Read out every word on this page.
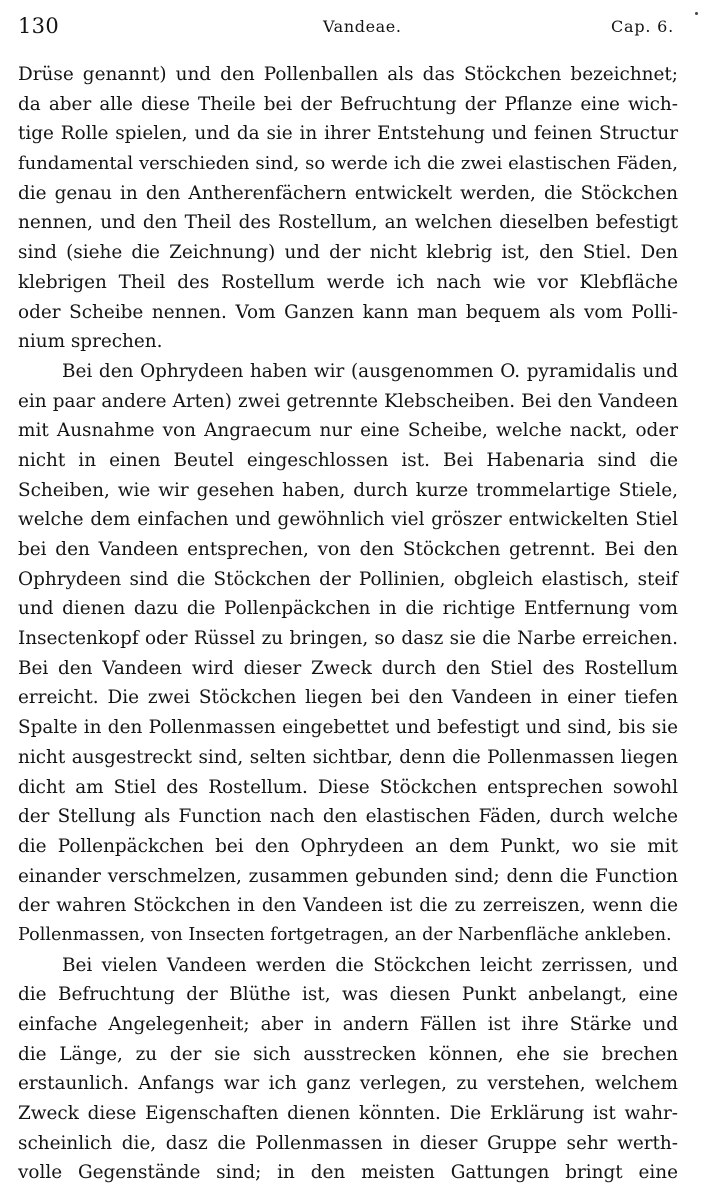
130	Vandeae.	Cap. 6.
Drüse genannt) und den Pollenballen als das Stöckchen bezeichnet;
da aber alle diese Theile bei der Befruchtung der Pflanze eine wich-
tige Rolle spielen, und da sie in ihrer Entstehung und feinen Structur
fundamental verschieden sind, so werde ich die zwei elastischen Fäden,
die genau in den Antherenfächern entwickelt werden, die Stöckchen
nennen, und den Theil des Rostellum, an welchen dieselben befestigt
sind (siehe die Zeichnung) und der nicht klebrig ist, den Stiel. Den
klebrigen Theil des Rostellum werde ich nach wie vor Klebfläche
oder Scheibe nennen. Vom Ganzen kann man bequem als vom Polli-
nium sprechen.
Bei den Ophrydeen haben wir (ausgenommen O. pyramidalis und
ein paar andere Arten) zwei getrennte Klebscheiben. Bei den Vandeen
mit Ausnahme von Angraecum nur eine Scheibe, welche nackt, oder
nicht in einen Beutel eingeschlossen ist. Bei Habenaria sind die
Scheiben, wie wir gesehen haben, durch kurze trommelartige Stiele,
welche dem einfachen und gewöhnlich viel gröszer entwickelten Stiel
bei den Vandeen entsprechen, von den Stöckchen getrennt. Bei den
Ophrydeen sind die Stöckchen der Pollinien, obgleich elastisch, steif
und dienen dazu die Pollenpäckchen in die richtige Entfernung vom
Insectenkopf oder Rüssel zu bringen, so dasz sie die Narbe erreichen.
Bei den Vandeen wird dieser Zweck durch den Stiel des Rostellum
erreicht. Die zwei Stöckchen liegen bei den Vandeen in einer tiefen
Spalte in den Pollenmassen eingebettet und befestigt und sind, bis sie
nicht ausgestreckt sind, selten sichtbar, denn die Pollenmassen liegen
dicht am Stiel des Rostellum. Diese Stöckchen entsprechen sowohl
der Stellung als Function nach den elastischen Fäden, durch welche
die Pollenpäckchen bei den Ophrydeen an dem Punkt, wo sie mit
einander verschmelzen, zusammen gebunden sind; denn die Function
der wahren Stöckchen in den Vandeen ist die zu zerreiszen, wenn die
Pollenmassen, von Insecten fortgetragen, an der Narbenfläche ankleben.
Bei vielen Vandeen werden die Stöckchen leicht zerrissen, und
die Befruchtung der Blüthe ist, was diesen Punkt anbelangt, eine
einfache Angelegenheit; aber in andern Fällen ist ihre Stärke und
die Länge, zu der sie sich ausstrecken können, ehe sie brechen
erstaunlich. Anfangs war ich ganz verlegen, zu verstehen, welchem
Zweck diese Eigenschaften dienen könnten. Die Erklärung ist wahr-
scheinlich die, dasz die Pollenmassen in dieser Gruppe sehr werth-
volle Gegenstände sind; in den meisten Gattungen bringt eine
